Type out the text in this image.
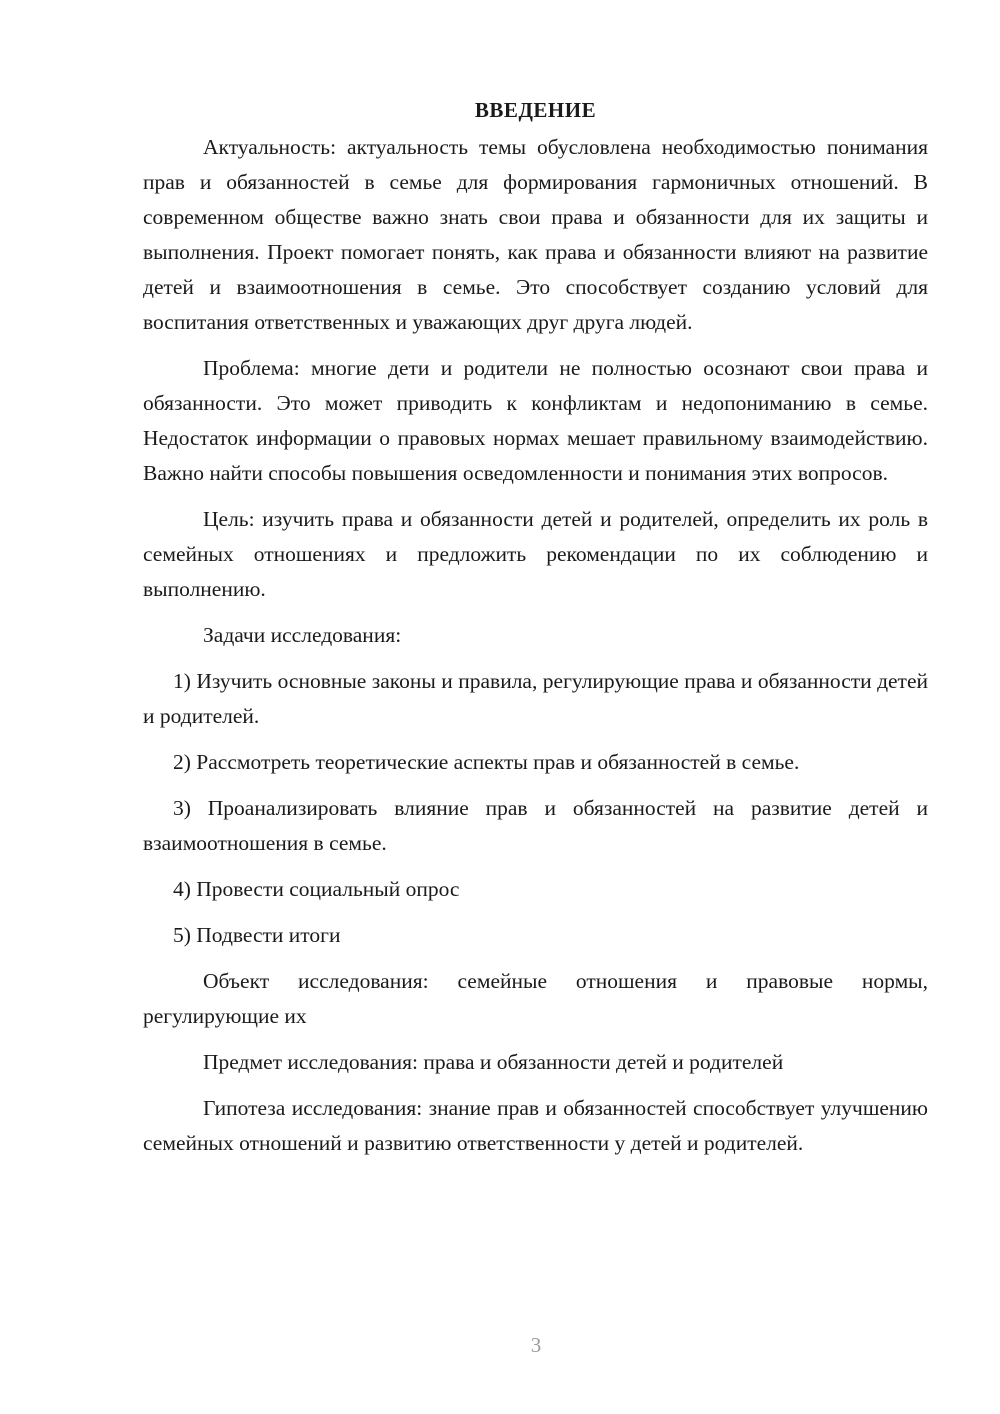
ВВЕДЕНИЕ

Актуальность: актуальность темы обусловлена необходимостью понимания прав и обязанностей в семье для формирования гармоничных отношений. В современном обществе важно знать свои права и обязанности для их защиты и выполнения. Проект помогает понять, как права и обязанности влияют на развитие детей и взаимоотношения в семье. Это способствует созданию условий для воспитания ответственных и уважающих друг друга людей.

Проблема: многие дети и родители не полностью осознают свои права и обязанности. Это может приводить к конфликтам и недопониманию в семье. Недостаток информации о правовых нормах мешает правильному взаимодействию. Важно найти способы повышения осведомленности и понимания этих вопросов.

Цель: изучить права и обязанности детей и родителей, определить их роль в семейных отношениях и предложить рекомендации по их соблюдению и выполнению.

Задачи исследования:

1) Изучить основные законы и правила, регулирующие права и обязанности детей и родителей.

2) Рассмотреть теоретические аспекты прав и обязанностей в семье.

3) Проанализировать влияние прав и обязанностей на развитие детей и взаимоотношения в семье.

4) Провести социальный опрос

5) Подвести итоги

Объект исследования: семейные отношения и правовые нормы, регулирующие их

Предмет исследования: права и обязанности детей и родителей

Гипотеза исследования: знание прав и обязанностей способствует улучшению семейных отношений и развитию ответственности у детей и родителей.

3
